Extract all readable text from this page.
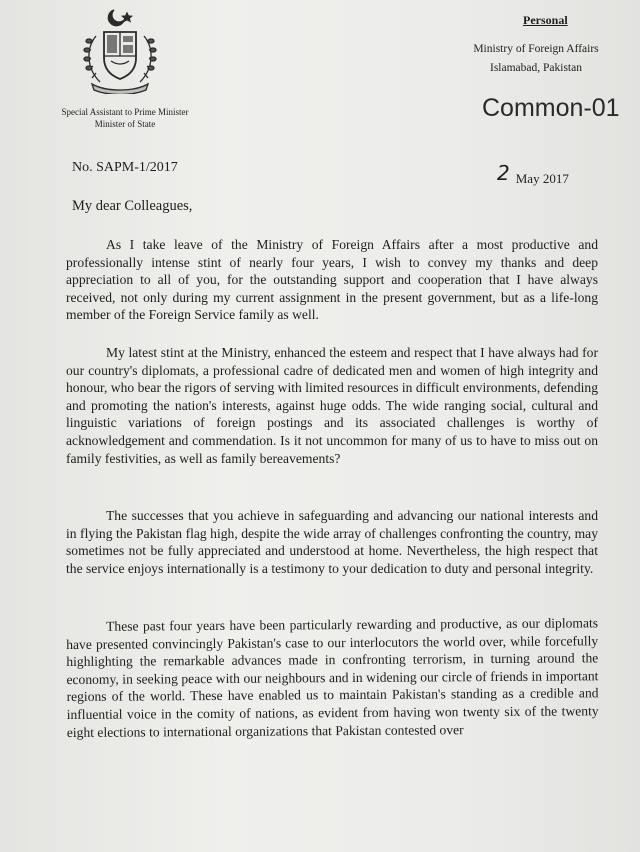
Special Assistant to Prime Minister
Minister of State
Personal
Ministry of Foreign Affairs
Islamabad, Pakistan
Common-01
No. SAPM-1/2017	2 May 2017
My dear Colleagues,

As I take leave of the Ministry of Foreign Affairs after a most productive and professionally intense stint of nearly four years, I wish to convey my thanks and deep appreciation to all of you, for the outstanding support and cooperation that I have always received, not only during my current assignment in the present government, but as a life-long member of the Foreign Service family as well.

My latest stint at the Ministry, enhanced the esteem and respect that I have always had for our country's diplomats, a professional cadre of dedicated men and women of high integrity and honour, who bear the rigors of serving with limited resources in difficult environments, defending and promoting the nation's interests, against huge odds. The wide ranging social, cultural and linguistic variations of foreign postings and its associated challenges is worthy of acknowledgement and commendation. Is it not uncommon for many of us to have to miss out on family festivities, as well as family bereavements?

The successes that you achieve in safeguarding and advancing our national interests and in flying the Pakistan flag high, despite the wide array of challenges confronting the country, may sometimes not be fully appreciated and understood at home. Nevertheless, the high respect that the service enjoys internationally is a testimony to your dedication to duty and personal integrity.

These past four years have been particularly rewarding and productive, as our diplomats have presented convincingly Pakistan's case to our interlocutors the world over, while forcefully highlighting the remarkable advances made in confronting terrorism, in turning around the economy, in seeking peace with our neighbours and in widening our circle of friends in important regions of the world. These have enabled us to maintain Pakistan's standing as a credible and influential voice in the comity of nations, as evident from having won twenty six of the twenty eight elections to international organizations that Pakistan contested over
